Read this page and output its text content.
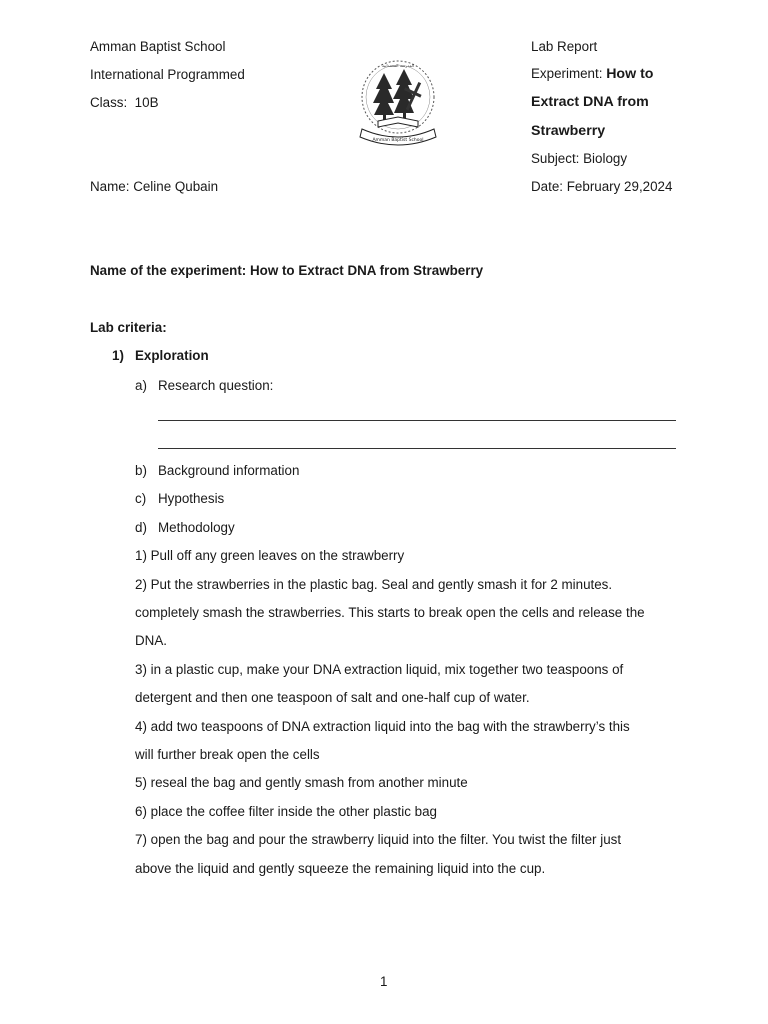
Amman Baptist School
International Programmed
Class: 10B
Name: Celine Qubain
Amman Baptist School
المدرسة المعمدانية
Lab Report
Experiment: How to
Extract DNA from
Strawberry
Subject: Biology
Date: February 29,2024
Name of the experiment: How to Extract DNA from Strawberry
Lab criteria:
1) Exploration
a) Research question:
b) Background information
c) Hypothesis
d) Methodology
1) Pull off any green leaves on the strawberry
2) Put the strawberries in the plastic bag. Seal and gently smash it for 2 minutes.
completely smash the strawberries. This starts to break open the cells and release the
DNA.
3) in a plastic cup, make your DNA extraction liquid, mix together two teaspoons of
detergent and then one teaspoon of salt and one-half cup of water.
4) add two teaspoons of DNA extraction liquid into the bag with the strawberry’s this
will further break open the cells
5) reseal the bag and gently smash from another minute
6) place the coffee filter inside the other plastic bag
7) open the bag and pour the strawberry liquid into the filter. You twist the filter just
above the liquid and gently squeeze the remaining liquid into the cup.
1
